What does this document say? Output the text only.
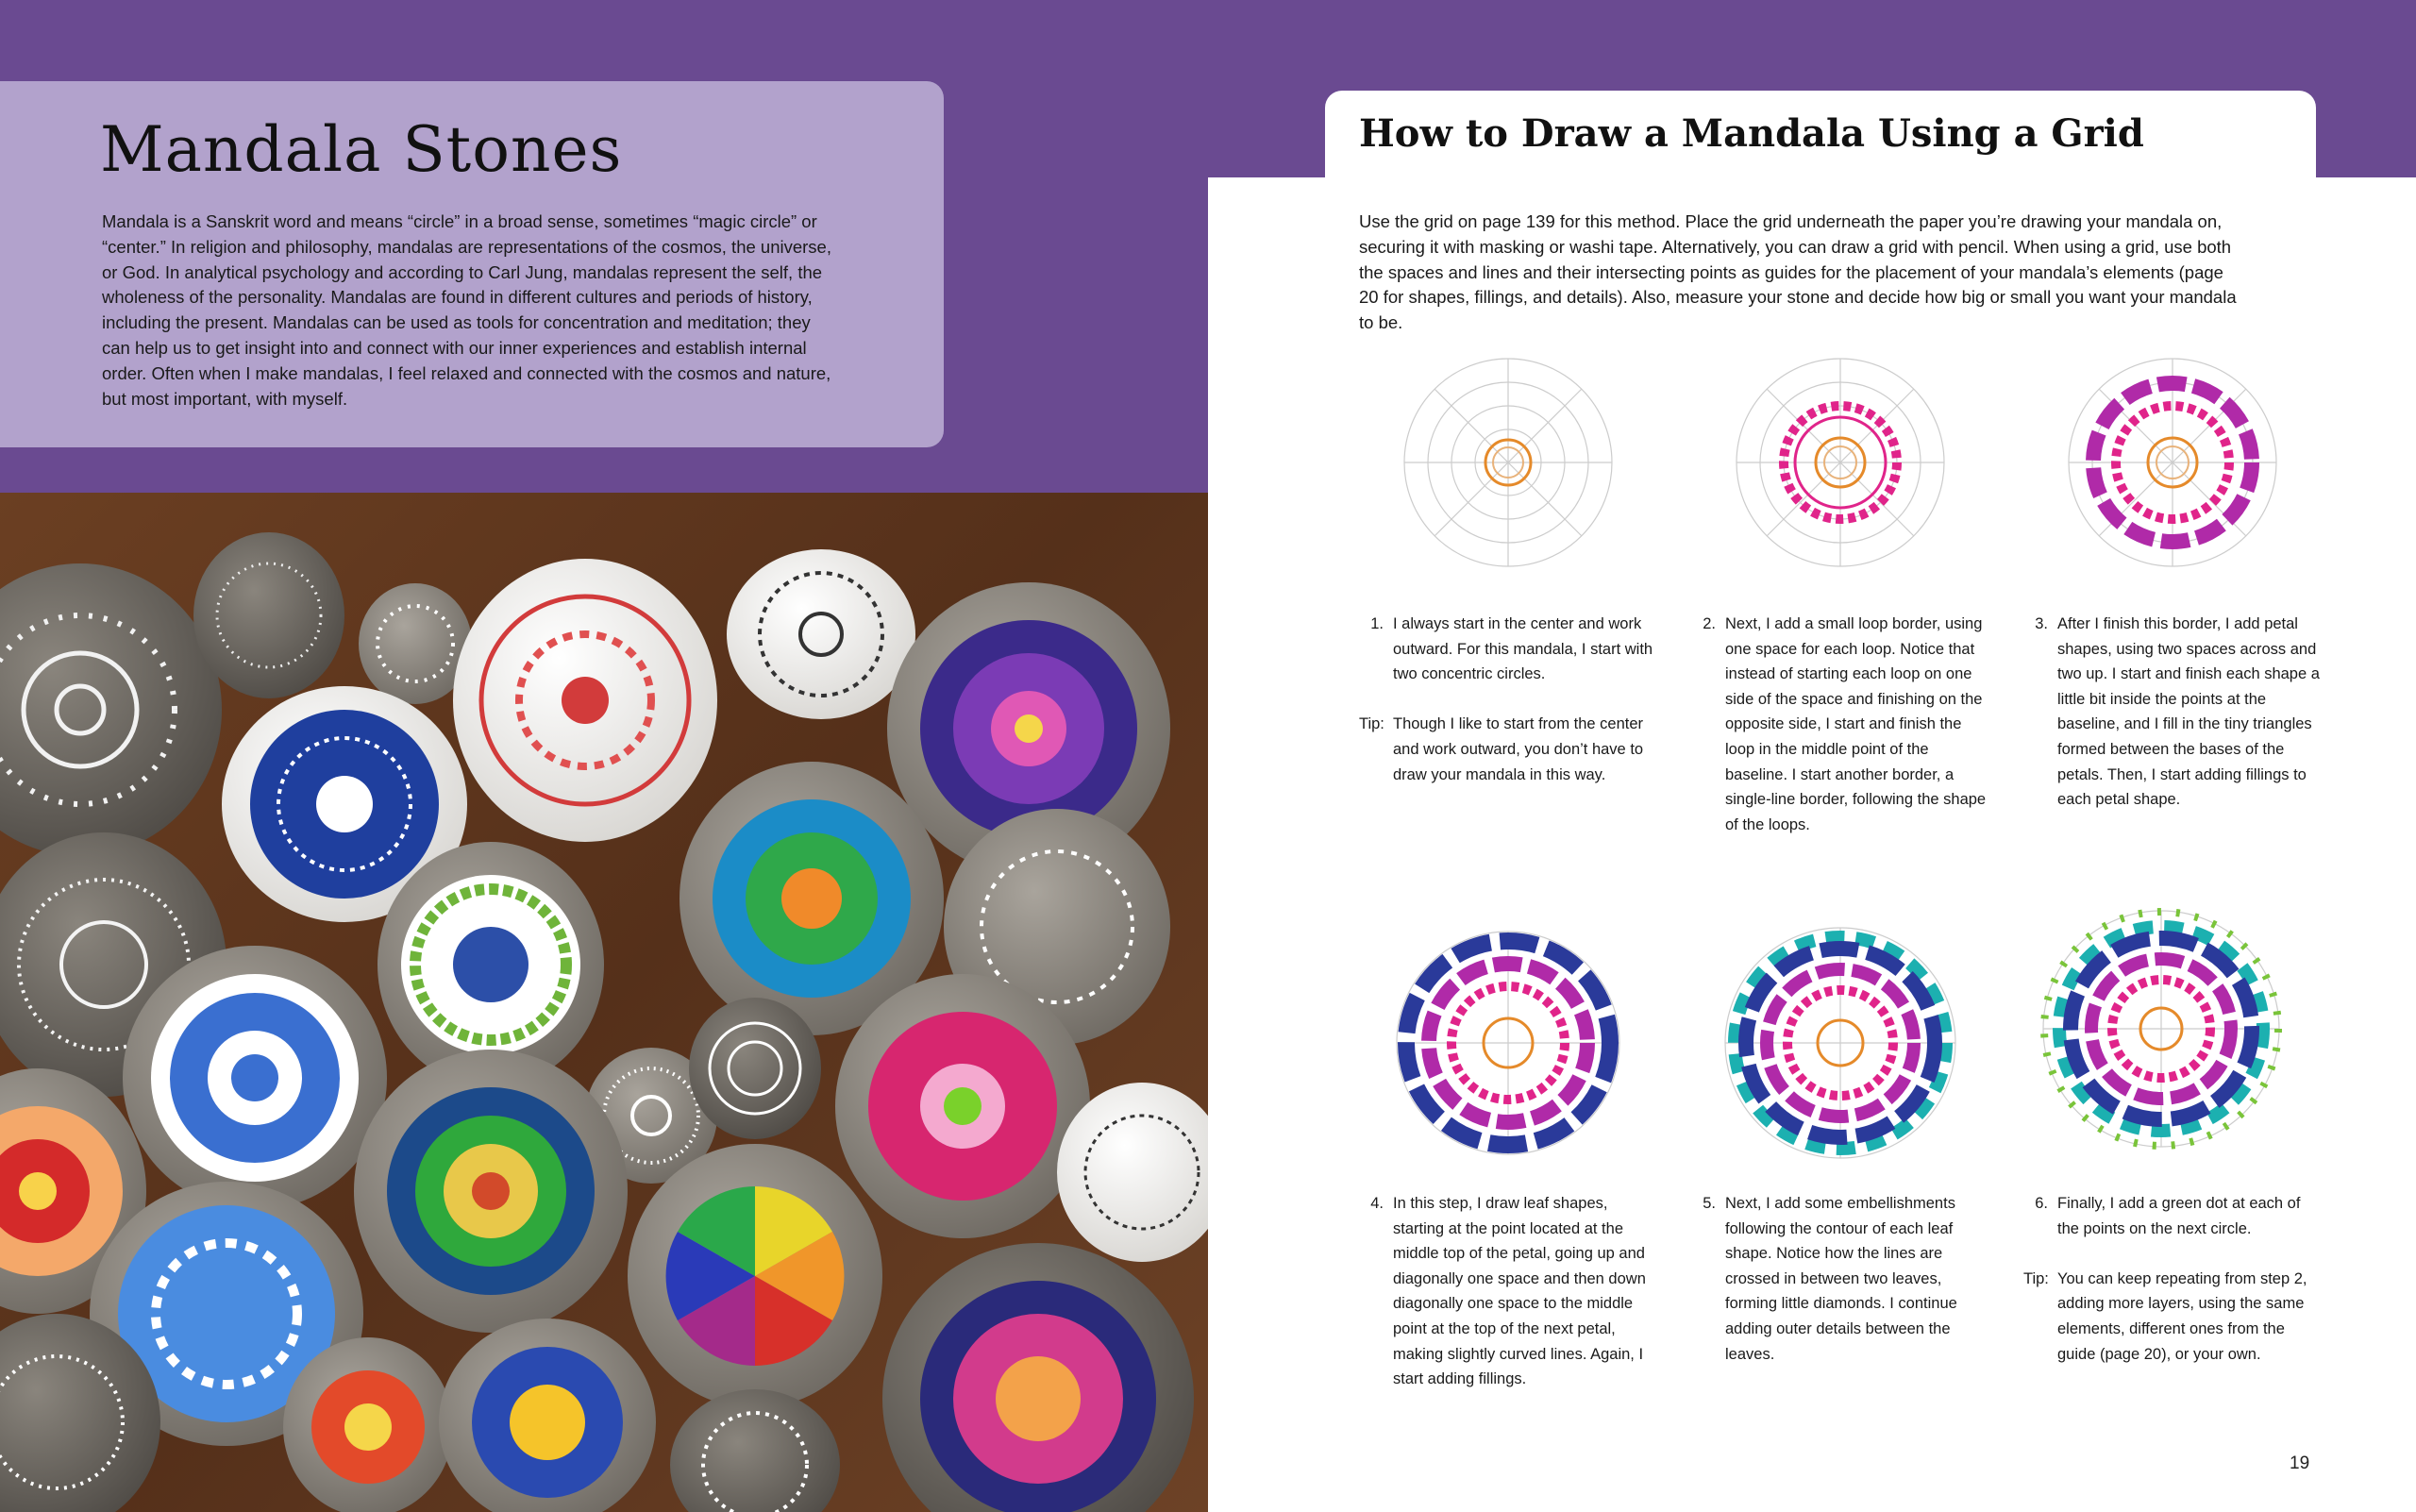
Mandala Stones

Mandala is a Sanskrit word and means “circle” in a broad sense, sometimes “magic circle” or “center.” In religion and philosophy, mandalas are representations of the cosmos, the universe, or God. In analytical psychology and according to Carl Jung, mandalas represent the self, the wholeness of the personality. Mandalas are found in different cultures and periods of history, including the present. Mandalas can be used as tools for concentration and meditation; they can help us to get insight into and connect with our inner experiences and establish internal order. Often when I make mandalas, I feel relaxed and connected with the cosmos and nature, but most important, with myself.

How to Draw a Mandala Using a Grid

Use the grid on page 139 for this method. Place the grid underneath the paper you’re drawing your mandala on, securing it with masking or washi tape. Alternatively, you can draw a grid with pencil. When using a grid, use both the spaces and lines and their intersecting points as guides for the placement of your mandala’s elements (page 20 for shapes, fillings, and details). Also, measure your stone and decide how big or small you want your mandala to be.

1. I always start in the center and work outward. For this mandala, I start with two concentric circles.
Tip: Though I like to start from the center and work outward, you don’t have to draw your mandala in this way.
2. Next, I add a small loop border, using one space for each loop. Notice that instead of starting each loop on one side of the space and finishing on the opposite side, I start and finish the loop in the middle point of the baseline. I start another border, a single-line border, following the shape of the loops.
3. After I finish this border, I add petal shapes, using two spaces across and two up. I start and finish each shape a little bit inside the points at the baseline, and I fill in the tiny triangles formed between the bases of the petals. Then, I start adding fillings to each petal shape.
4. In this step, I draw leaf shapes, starting at the point located at the middle top of the petal, going up and diagonally one space and then down diagonally one space to the middle point at the top of the next petal, making slightly curved lines. Again, I start adding fillings.
5. Next, I add some embellishments following the contour of each leaf shape. Notice how the lines are crossed in between two leaves, forming little diamonds. I continue adding outer details between the leaves.
6. Finally, I add a green dot at each of the points on the next circle.
Tip: You can keep repeating from step 2, adding more layers, using the same elements, different ones from the guide (page 20), or your own.
19
